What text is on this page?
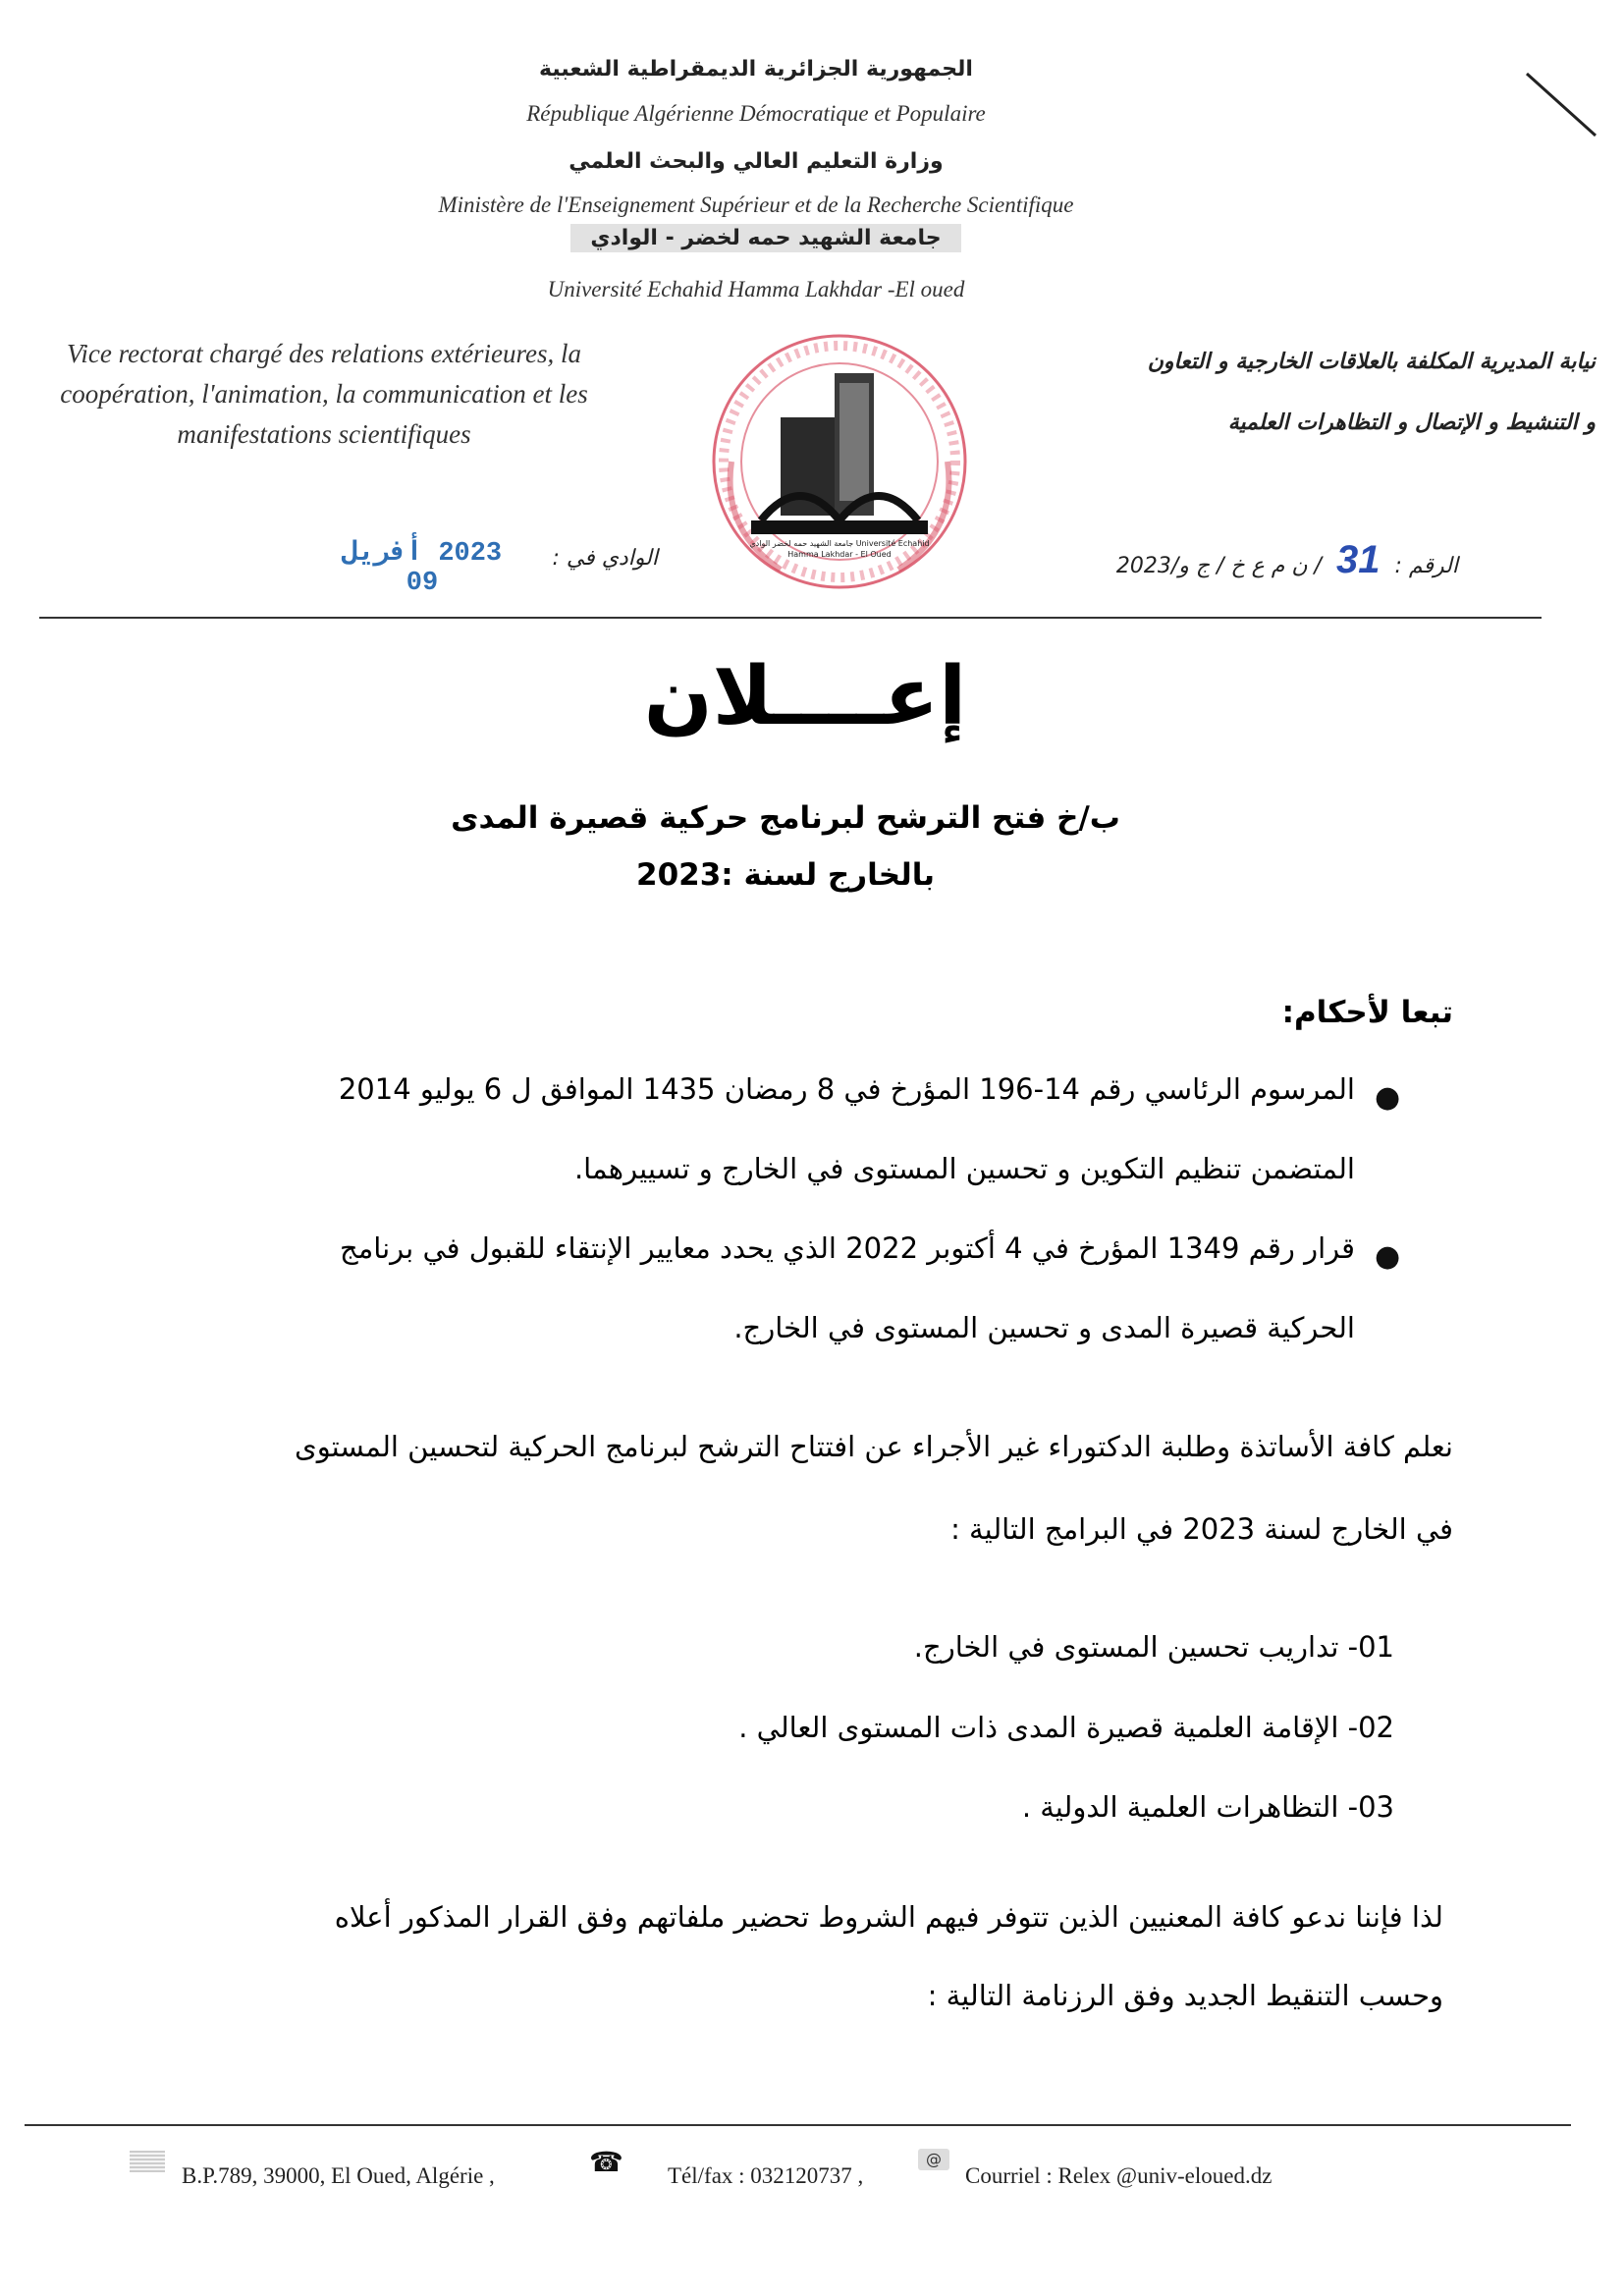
الجمهورية الجزائرية الديمقراطية الشعبية
République Algérienne Démocratique et Populaire
وزارة التعليم العالي والبحث العلمي
Ministère de l'Enseignement Supérieur et de la Recherche Scientifique
جامعة الشهيد حمه لخضر - الوادي
Université Echahid Hamma Lakhdar -El oued
Vice rectorat chargé des relations extérieures, la coopération, l'animation, la communication et les manifestations scientifiques
نيابة المديرية المكلفة بالعلاقات الخارجية و التعاون
و التنشيط و الإتصال و التظاهرات العلمية
جامعة الشهيد حمه لخضر الوادي Université Echahid Hamma Lakhdar - El Oued	الرقم : 31 / ن م ع خ / ج و/2023
الوادي في :
2023 أفريل 09
إعــــلان
ب/خ فتح الترشح لبرنامج حركية قصيرة المدى
بالخارج لسنة :2023
تبعا لأحكام:
●
المرسوم الرئاسي رقم 14-196 المؤرخ في 8 رمضان 1435 الموافق ل 6 يوليو 2014
المتضمن تنظيم التكوين و تحسين المستوى في الخارج و تسييرهما.
●
قرار رقم 1349 المؤرخ في 4 أكتوبر 2022 الذي يحدد معايير الإنتقاء للقبول في برنامج
الحركية قصيرة المدى و تحسين المستوى في الخارج.
نعلم كافة الأساتذة وطلبة الدكتوراء غير الأجراء عن افتتاح الترشح لبرنامج الحركية لتحسين المستوى
في الخارج لسنة 2023 في البرامج التالية :
01- تداريب تحسين المستوى في الخارج.
02- الإقامة العلمية قصيرة المدى ذات المستوى العالي .
03- التظاهرات العلمية الدولية .
لذا فإننا ندعو كافة المعنيين الذين تتوفر فيهم الشروط تحضير ملفاتهم وفق القرار المذكور أعلاه
وحسب التنقيط الجديد وفق الرزنامة التالية :
B.P.789, 39000, El Oued, Algérie ,	☎ Tél/fax : 032120737 ,
@
Courriel : Relex @univ-eloued.dz
